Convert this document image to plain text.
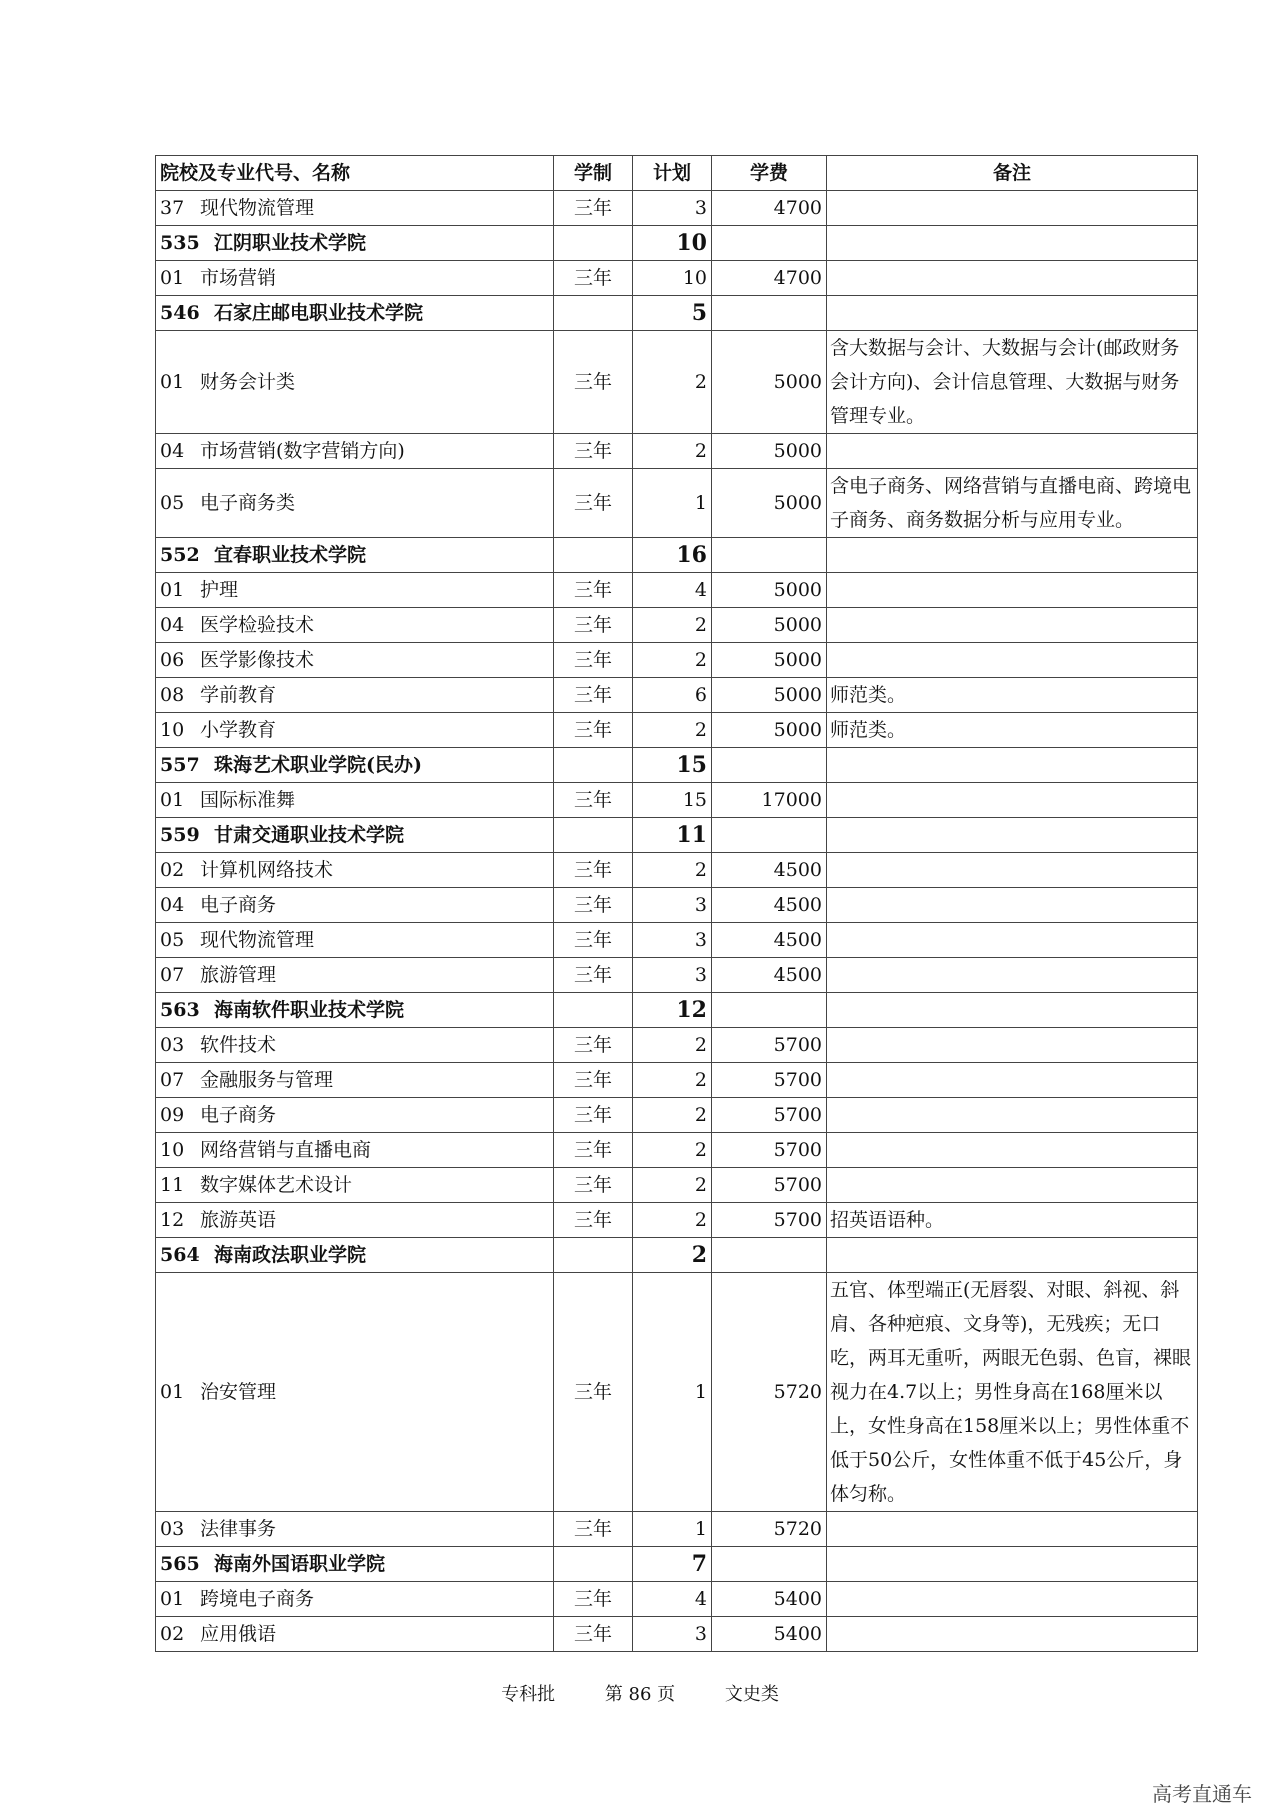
院校及专业代号、名称	学制	计划	学费	备注
37 现代物流管理	三年	3	4700	
535 江阴职业技术学院		10		
01 市场营销	三年	10	4700	
546 石家庄邮电职业技术学院		5		
01 财务会计类	三年	2	5000	含大数据与会计、大数据与会计(邮政财务会计方向)、会计信息管理、大数据与财务管理专业。
04 市场营销(数字营销方向)	三年	2	5000	
05 电子商务类	三年	1	5000	含电子商务、网络营销与直播电商、跨境电子商务、商务数据分析与应用专业。
552 宜春职业技术学院		16		
01 护理	三年	4	5000	
04 医学检验技术	三年	2	5000	
06 医学影像技术	三年	2	5000	
08 学前教育	三年	6	5000	师范类。
10 小学教育	三年	2	5000	师范类。
557 珠海艺术职业学院(民办)		15		
01 国际标准舞	三年	15	17000	
559 甘肃交通职业技术学院		11		
02 计算机网络技术	三年	2	4500	
04 电子商务	三年	3	4500	
05 现代物流管理	三年	3	4500	
07 旅游管理	三年	3	4500	
563 海南软件职业技术学院		12		
03 软件技术	三年	2	5700	
07 金融服务与管理	三年	2	5700	
09 电子商务	三年	2	5700	
10 网络营销与直播电商	三年	2	5700	
11 数字媒体艺术设计	三年	2	5700	
12 旅游英语	三年	2	5700	招英语语种。
564 海南政法职业学院		2		
01 治安管理	三年	1	5720	五官、体型端正(无唇裂、对眼、斜视、斜肩、各种疤痕、文身等)，无残疾；无口吃，两耳无重听，两眼无色弱、色盲，裸眼视力在4.7以上；男性身高在168厘米以上，女性身高在158厘米以上；男性体重不低于50公斤，女性体重不低于45公斤，身体匀称。
03 法律事务	三年	1	5720	
565 海南外国语职业学院		7		
01 跨境电子商务	三年	4	5400	
02 应用俄语	三年	3	5400	
专科批	第 86 页	文史类
高考直通车
